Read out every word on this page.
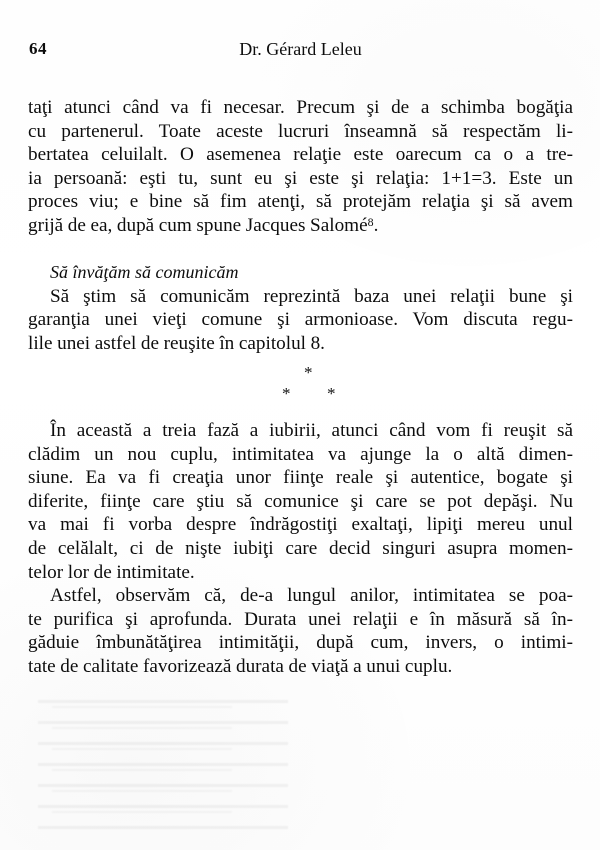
64	Dr. Gérard Leleu

taţi atunci când va fi necesar. Precum şi de a schimba bogăţia
cu partenerul. Toate aceste lucruri înseamnă să respectăm li-
bertatea celuilalt. O asemenea relaţie este oarecum ca o a tre-
ia persoană: eşti tu, sunt eu şi este şi relaţia: 1+1=3. Este un
proces viu; e bine să fim atenţi, să protejăm relaţia şi să avem
grijă de ea, după cum spune Jacques Salomé$^8$.

Să învăţăm să comunicăm

Să ştim să comunicăm reprezintă baza unei relaţii bune şi
garanţia unei vieţi comune şi armonioase. Vom discuta regu-
lile unei astfel de reuşite în capitolul 8.

*
* *

În această a treia fază a iubirii, atunci când vom fi reuşit să
clădim un nou cuplu, intimitatea va ajunge la o altă dimen-
siune. Ea va fi creaţia unor fiinţe reale şi autentice, bogate şi
diferite, fiinţe care ştiu să comunice şi care se pot depăşi. Nu
va mai fi vorba despre îndrăgostiţi exaltaţi, lipiţi mereu unul
de celălalt, ci de nişte iubiţi care decid singuri asupra momen-
telor lor de intimitate.

Astfel, observăm că, de-a lungul anilor, intimitatea se poa-
te purifica şi aprofunda. Durata unei relaţii e în măsură să în-
găduie îmbunătăţirea intimităţii, după cum, invers, o intimi-
tate de calitate favorizează durata de viaţă a unui cuplu.
